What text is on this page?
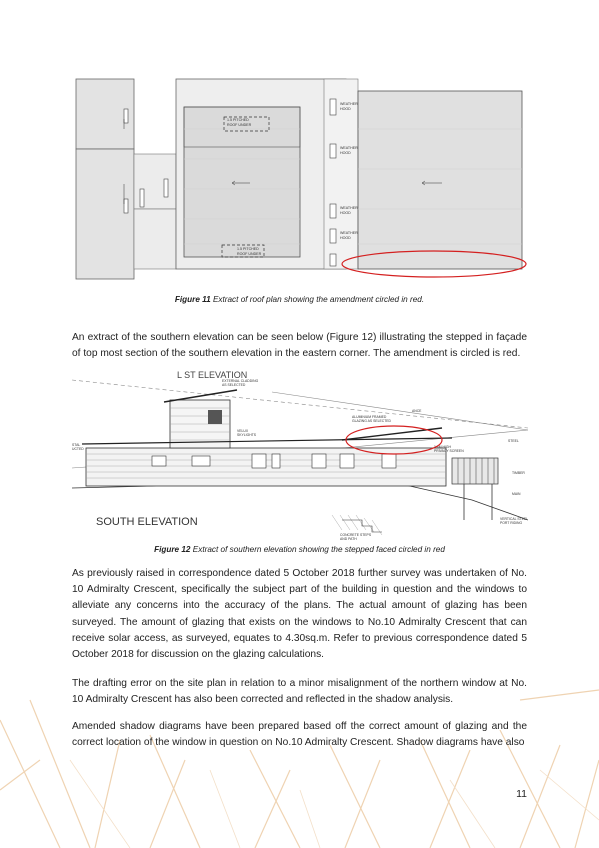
WEATHER
HOOD
WEATHER
HOOD
WEATHER
HOOD
WEATHER
HOOD
1.5 PITCHED
ROOF UNDER
1.5 PITCHED
ROOF UNDER
Figure 11 Extract of roof plan showing the amendment circled in red.

An extract of the southern elevation can be seen below (Figure 12) illustrating the stepped in façade of top most section of the southern elevation in the eastern corner. The amendment is circled is red.

L ST ELEVATION
EXTERNAL CLADDING
AS SELECTED
VELUX
SKYLIGHTS
ALUMINIUM FRAMED
GLAZING AS SELECTED
1.8M HIGH
PRIVACY SCREEN
VERTICAL STEEL
PORT RIDING
CONCRETE STEPS
AND PATH
STEEL
MAIN
TIMBER
STAL
UCTED
ANCE
SOUTH ELEVATION
Figure 12 Extract of southern elevation showing the stepped faced circled in red

As previously raised in correspondence dated 5 October 2018 further survey was undertaken of No. 10 Admiralty Crescent, specifically the subject part of the building in question and the windows to alleviate any concerns into the accuracy of the plans. The actual amount of glazing has been surveyed. The amount of glazing that exists on the windows to No.10 Admiralty Crescent that can receive solar access, as surveyed, equates to 4.30sq.m. Refer to previous correspondence dated 5 October 2018 for discussion on the glazing calculations.

The drafting error on the site plan in relation to a minor misalignment of the northern window at No. 10 Admiralty Crescent has also been corrected and reflected in the shadow analysis.

Amended shadow diagrams have been prepared based off the correct amount of glazing and the correct location of the window in question on No.10 Admiralty Crescent. Shadow diagrams have also

11
